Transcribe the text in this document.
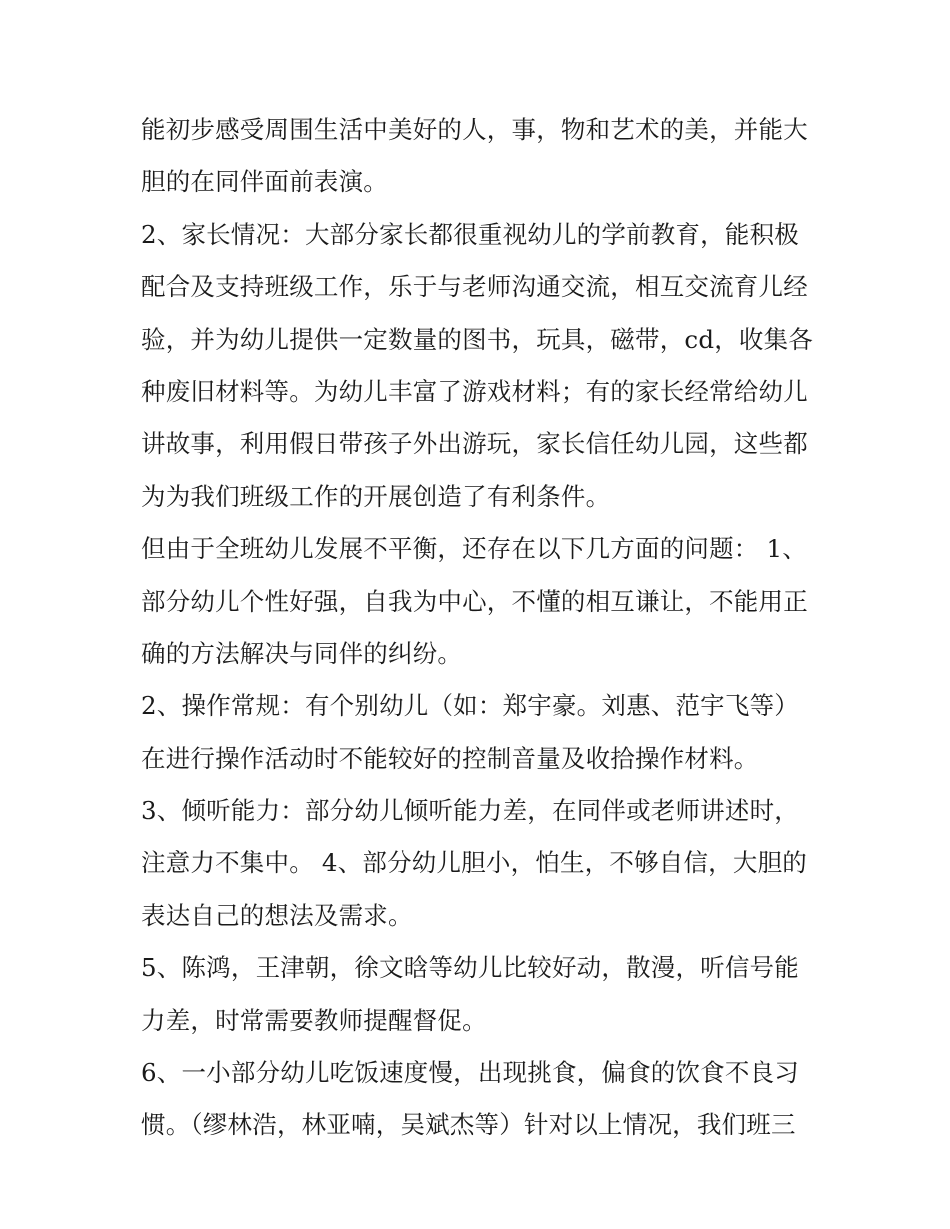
能初步感受周围生活中美好的人，事，物和艺术的美，并能大
胆的在同伴面前表演。
2、家长情况：大部分家长都很重视幼儿的学前教育，能积极
配合及支持班级工作，乐于与老师沟通交流，相互交流育儿经
验，并为幼儿提供一定数量的图书，玩具，磁带，cd，收集各
种废旧材料等。为幼儿丰富了游戏材料；有的家长经常给幼儿
讲故事，利用假日带孩子外出游玩，家长信任幼儿园，这些都
为为我们班级工作的开展创造了有利条件。
但由于全班幼儿发展不平衡，还存在以下几方面的问题： 1、
部分幼儿个性好强，自我为中心，不懂的相互谦让，不能用正
确的方法解决与同伴的纠纷。
2、操作常规：有个别幼儿（如：郑宇豪。刘惠、范宇飞等）
在进行操作活动时不能较好的控制音量及收拾操作材料。
3、倾听能力：部分幼儿倾听能力差，在同伴或老师讲述时，
注意力不集中。 4、部分幼儿胆小，怕生，不够自信，大胆的
表达自己的想法及需求。
5、陈鸿，王津朝，徐文晗等幼儿比较好动，散漫，听信号能
力差，时常需要教师提醒督促。
6、一小部分幼儿吃饭速度慢，出现挑食，偏食的饮食不良习
惯。（缪林浩，林亚喃，吴斌杰等）针对以上情况，我们班三
